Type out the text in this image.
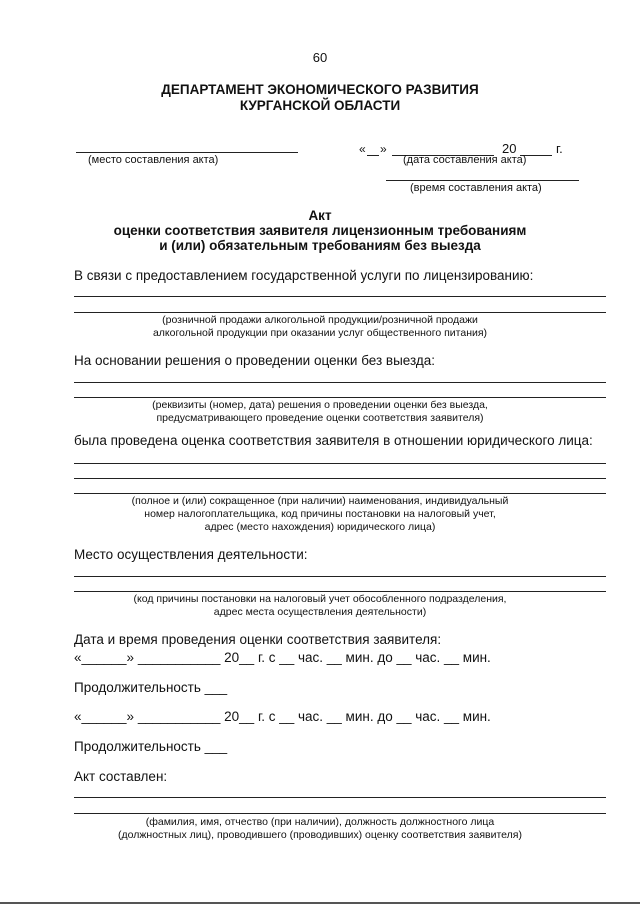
60
ДЕПАРТАМЕНТ ЭКОНОМИЧЕСКОГО РАЗВИТИЯ
КУРГАНСКОЙ ОБЛАСТИ
(место составления акта)
« »	20	г.
(дата составления акта)
(время составления акта)
Акт
оценки соответствия заявителя лицензионным требованиям
и (или) обязательным требованиям без выезда
В связи с предоставлением государственной услуги по лицензированию:
(розничной продажи алкогольной продукции/розничной продажи
алкогольной продукции при оказании услуг общественного питания)
На основании решения о проведении оценки без выезда:
(реквизиты (номер, дата) решения о проведении оценки без выезда,
предусматривающего проведение оценки соответствия заявителя)
была проведена оценка соответствия заявителя в отношении юридического лица:
(полное и (или) сокращенное (при наличии) наименования, индивидуальный
номер налогоплательщика, код причины постановки на налоговый учет,
адрес (место нахождения) юридического лица)
Место осуществления деятельности:
(код причины постановки на налоговый учет обособленного подразделения,
адрес места осуществления деятельности)
Дата и время проведения оценки соответствия заявителя:
«______» ___________ 20__ г. с __ час. __ мин. до __ час. __ мин.
Продолжительность ___
«______» ___________ 20__ г. с __ час. __ мин. до __ час. __ мин.
Продолжительность ___
Акт составлен:
(фамилия, имя, отчество (при наличии), должность должностного лица
(должностных лиц), проводившего (проводивших) оценку соответствия заявителя)
